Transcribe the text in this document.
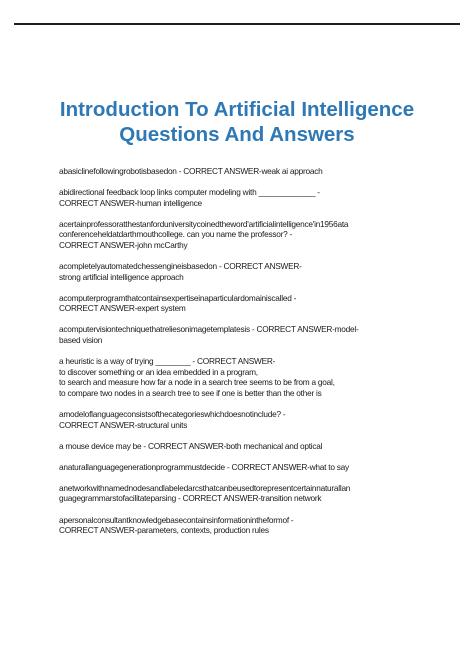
Introduction To Artificial Intelligence
Questions And Answers
abasiclinefollowingrobotisbasedon - CORRECT ANSWER-weak ai approach
abidirectional feedback loop links computer modeling with _____________ -
CORRECT ANSWER-human intelligence
acertainprofessoratthestanforduniversitycoinedtheword'artificialintelligence'in1956ata
conferenceheldatdarthmouthcollege. can you name the professor? -
CORRECT ANSWER-john mcCarthy
acompletelyautomatedchessengineisbasedon - CORRECT ANSWER-
strong artificial intelligence approach
acomputerprogramthatcontainsexpertiseinaparticulardomainiscalled -
CORRECT ANSWER-expert system
acomputervisiontechniquethatreliesonimagetemplatesis - CORRECT ANSWER-model-
based vision
a heuristic is a way of trying ________ - CORRECT ANSWER-
to discover something or an idea embedded in a program,
to search and measure how far a node in a search tree seems to be from a goal,
to compare two nodes in a search tree to see if one is better than the other is
amodeloflanguageconsistsofthecategorieswhichdoesnotinclude? -
CORRECT ANSWER-structural units
a mouse device may be - CORRECT ANSWER-both mechanical and optical
anaturallanguagegenerationprogrammustdecide - CORRECT ANSWER-what to say
anetworkwithnamednodesandlabeledarcsthatcanbeusedtorepresentcertainnaturallan
guagegrammarstofacilitateparsing - CORRECT ANSWER-transition network
apersonalconsultantknowledgebasecontainsinformationintheformof -
CORRECT ANSWER-parameters, contexts, production rules
